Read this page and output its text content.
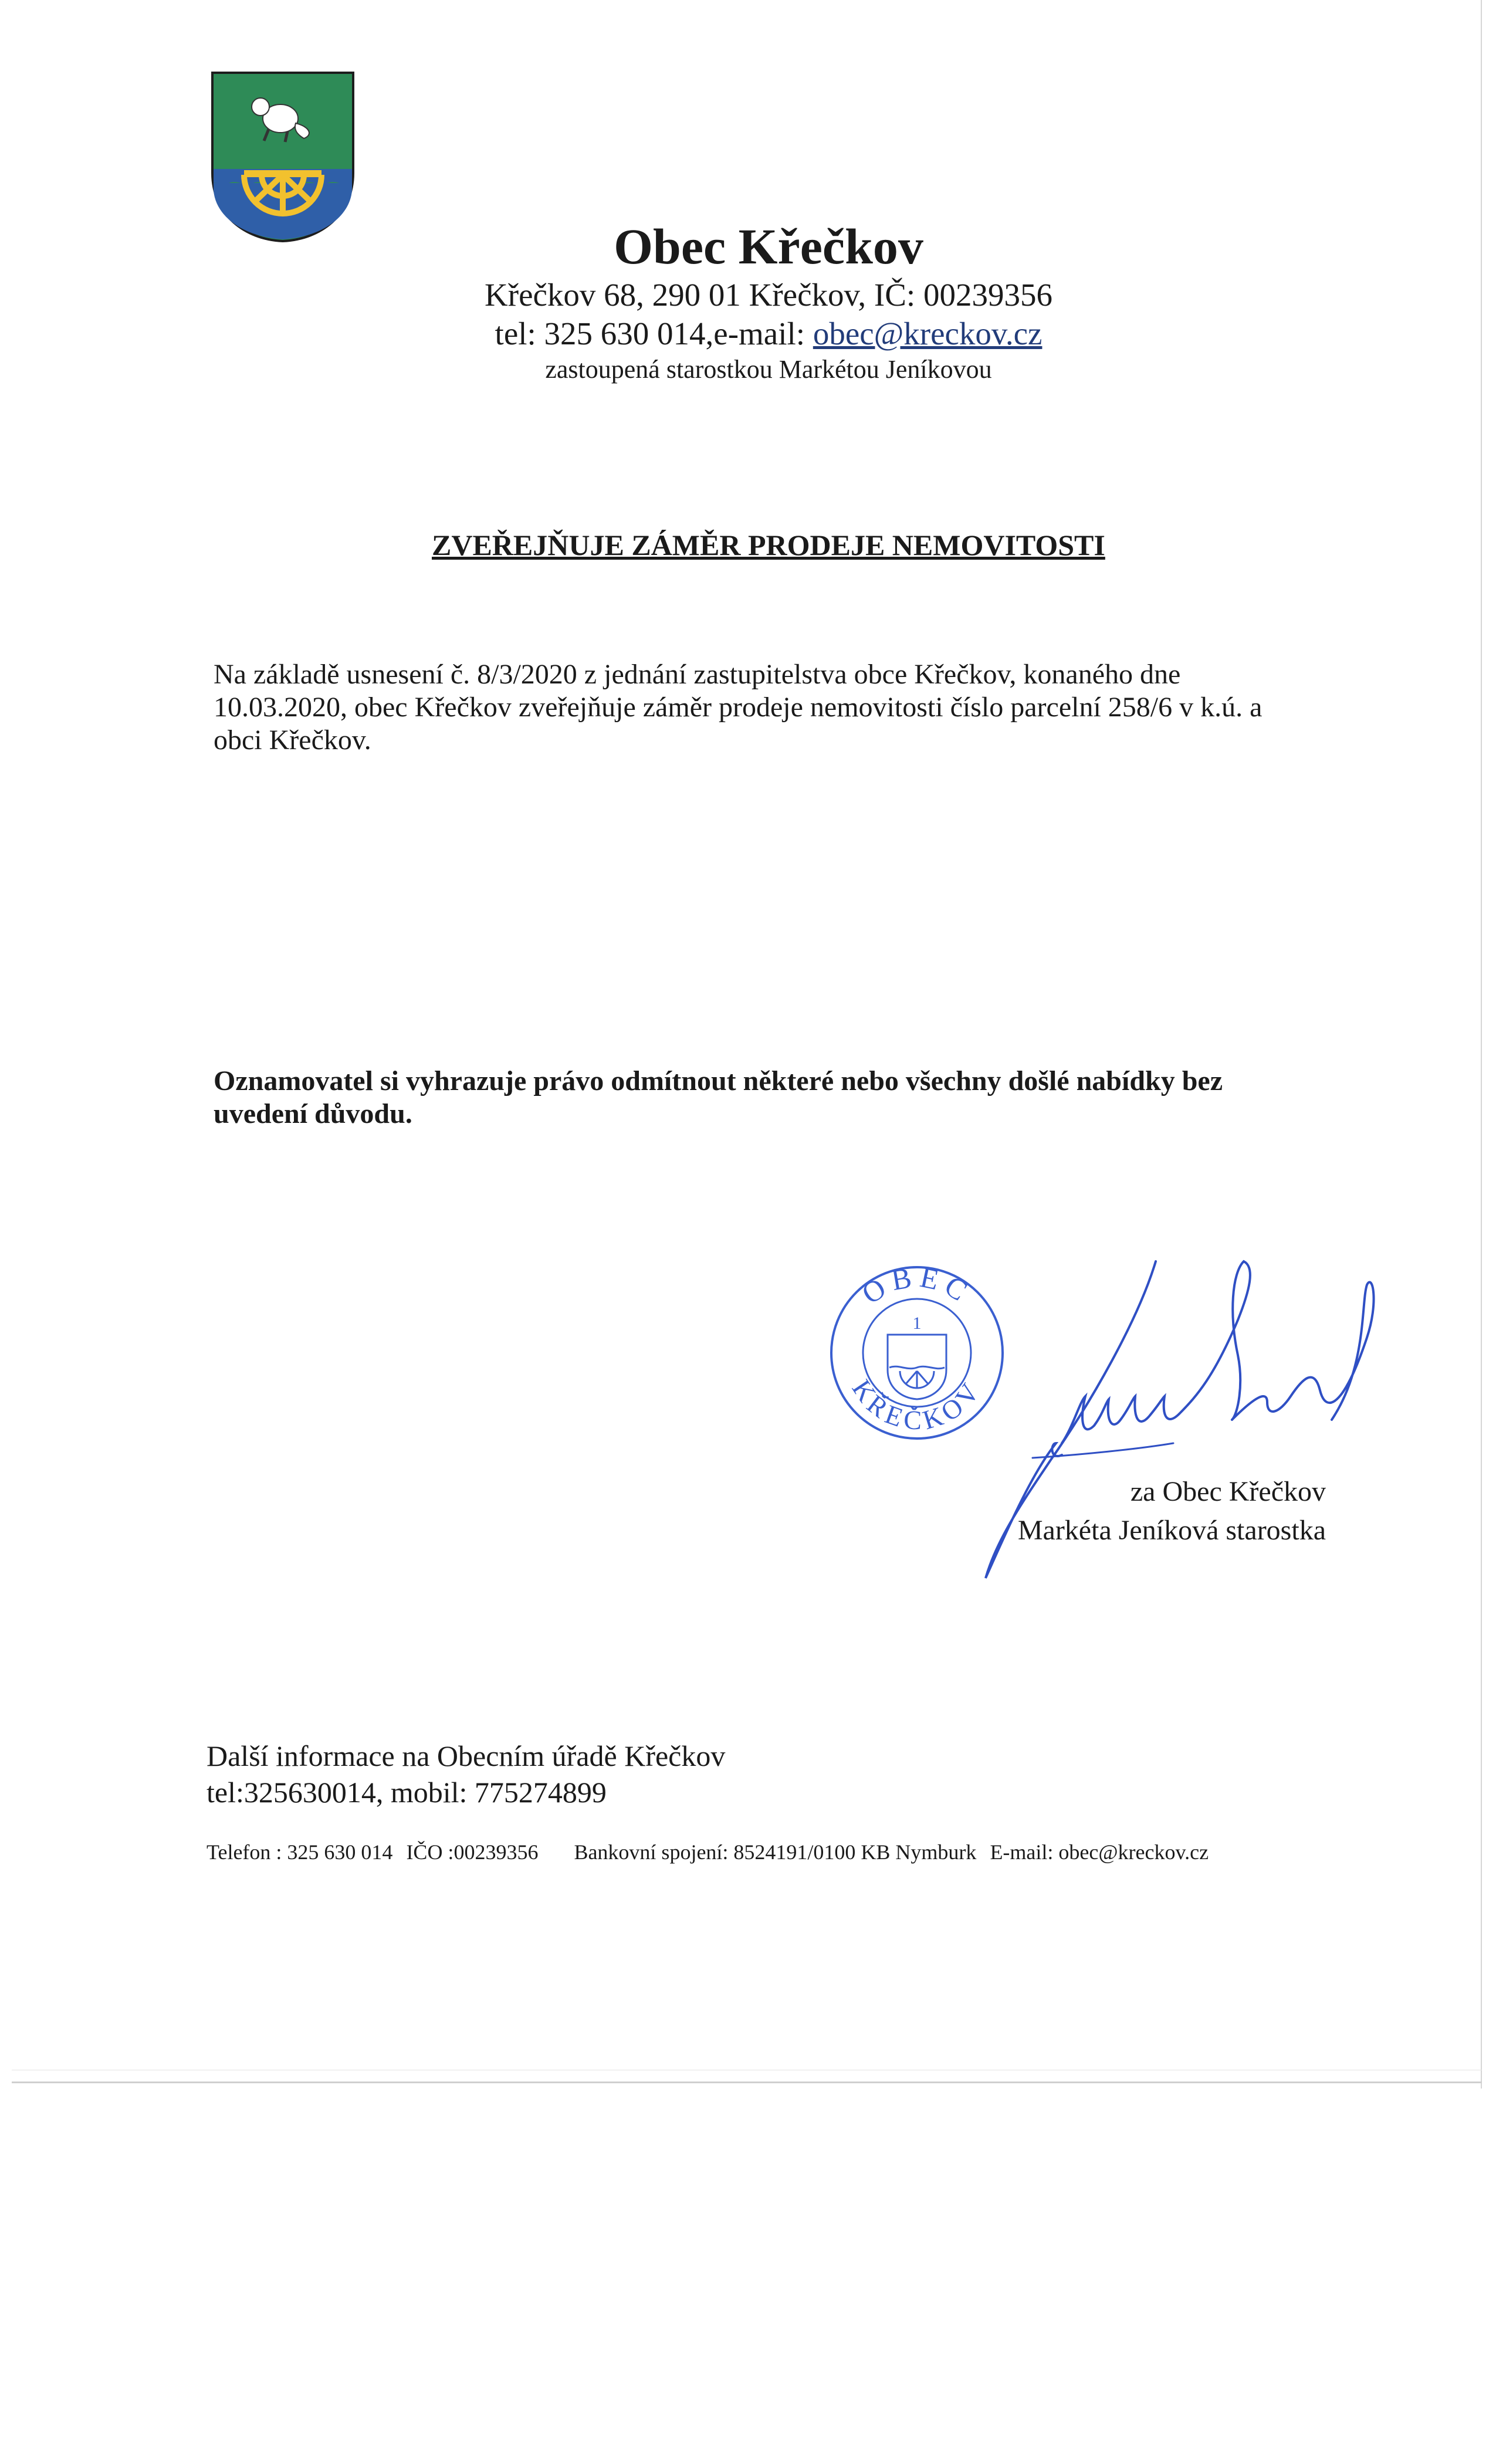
Obec Křečkov
Křečkov 68, 290 01 Křečkov, IČ: 00239356
tel: 325 630 014,e-mail: obec@kreckov.cz
zastoupená starostkou Markétou Jeníkovou
ZVEŘEJŇUJE ZÁMĚR PRODEJE NEMOVITOSTI
Na základě usnesení č. 8/3/2020 z jednání zastupitelstva obce Křečkov, konaného dne 10.03.2020, obec Křečkov zveřejňuje záměr prodeje nemovitosti číslo parcelní 258/6 v k.ú. a obci Křečkov.
Oznamovatel si vyhrazuje právo odmítnout některé nebo všechny došlé nabídky bez uvedení důvodu.
OBEC
KŘEČKOV
1
za Obec Křečkov
Markéta Jeníková starostka
Další informace na Obecním úřadě Křečkov
tel:325630014, mobil: 775274899
Telefon : 325 630 014 IČO :00239356 Bankovní spojení: 8524191/0100 KB Nymburk E-mail: obec@kreckov.cz
